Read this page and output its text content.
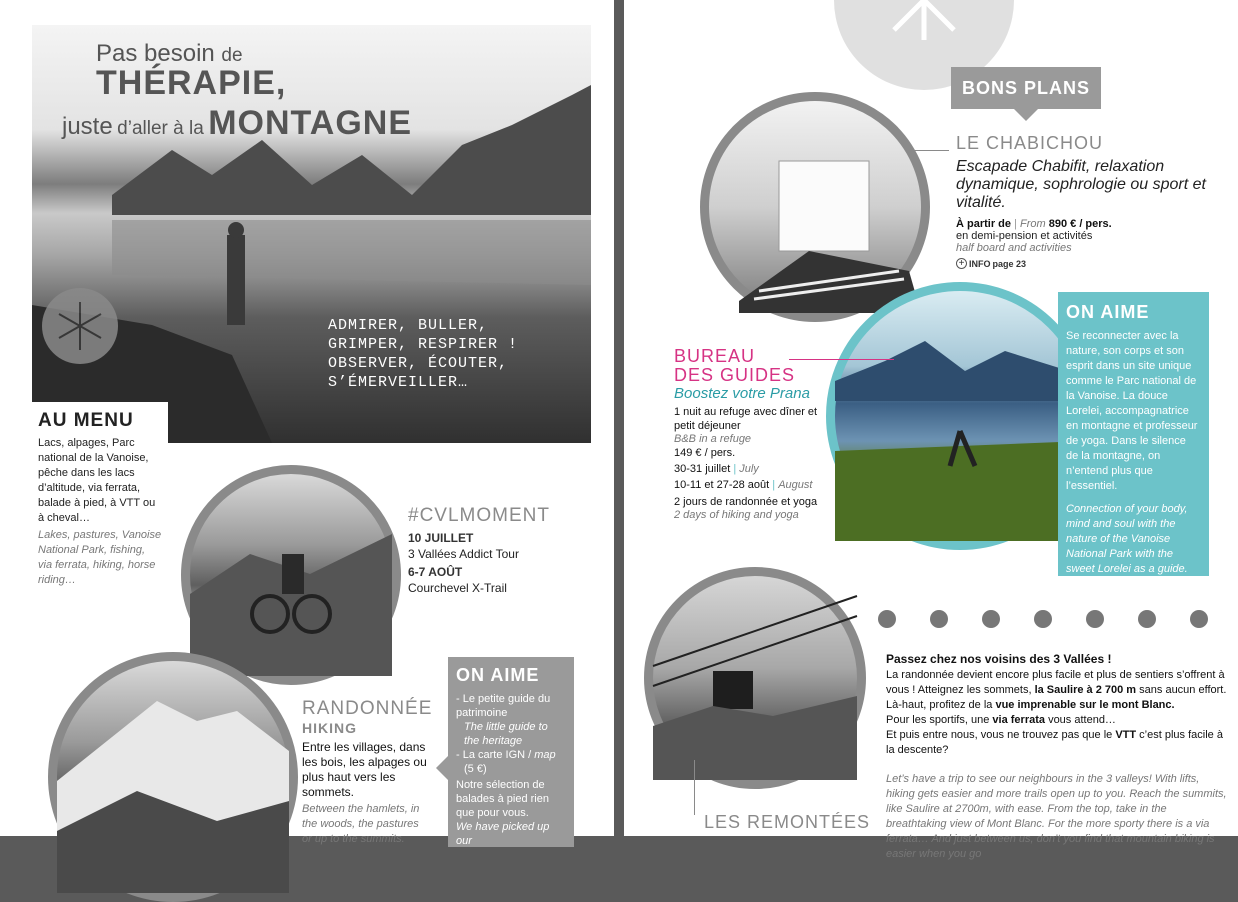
Pas besoin de
THÉRAPIE,
juste d’aller à la MONTAGNE
ADMIRER, BULLER,
GRIMPER, RESPIRER !
OBSERVER, ÉCOUTER,
S’ÉMERVEILLER…
AU MENU
Lacs, alpages, Parc national de la Vanoise, pêche dans les lacs d’altitude, via ferrata, balade à pied, à VTT ou à cheval…
Lakes, pastures, Vanoise National Park, fishing, via ferrata, hiking, horse riding…
#CVLMOMENT
10 JUILLET
3 Vallées Addict Tour
6-7 AOÛT
Courchevel X-Trail
RANDONNÉE
HIKING
Entre les villages, dans les bois, les alpages ou plus haut vers les sommets.
Between the hamlets, in the woods, the pastures or up to the summits.
ON AIME
- Le petite guide du patrimoine
The little guide to the heritage
- La carte IGN / map
(5 €)
Notre sélection de balades à pied rien que pour vous.
We have picked up our
BONS PLANS
LE CHABICHOU
Escapade Chabifit, relaxation dynamique, sophrologie ou sport et vitalité.
À partir de | From 890 € / pers.
en demi-pension et activités
half board and activities
+ INFO page 23
ON AIME
Se reconnecter avec la nature, son corps et son esprit dans un site unique comme le Parc national de la Vanoise. La douce Lorelei, accompagnatrice en montagne et professeur de yoga. Dans le silence de la montagne, on n’entend plus que l’essentiel.
Connection of your body, mind and soul with the nature of the Vanoise National Park with the sweet Lorelei as a guide. Just listen to the essentials, in the silence of mountain.
BUREAU
DES GUIDES
Boostez votre Prana
1 nuit au refuge avec dîner et petit déjeuner
B&B in a refuge
149 € / pers.
30-31 juillet | July
10-11 et 27-28 août | August
2 jours de randonnée et yoga
2 days of hiking and yoga
LES REMONTÉES
Passez chez nos voisins des 3 Vallées !
La randonnée devient encore plus facile et plus de sentiers s’offrent à vous ! Atteignez les sommets, la Saulire à 2 700 m sans aucun effort.
Là-haut, profitez de la vue imprenable sur le mont Blanc.
Pour les sportifs, une via ferrata vous attend…
Et puis entre nous, vous ne trouvez pas que le VTT c’est plus facile à la descente?
Let’s have a trip to see our neighbours in the 3 valleys! With lifts, hiking gets easier and more trails open up to you. Reach the summits, like Saulire at 2700m, with ease. From the top, take in the breathtaking view of Mont Blanc. For the more sporty there is a via ferrata… And just between us, don’t you find that mountain biking is easier when you go
